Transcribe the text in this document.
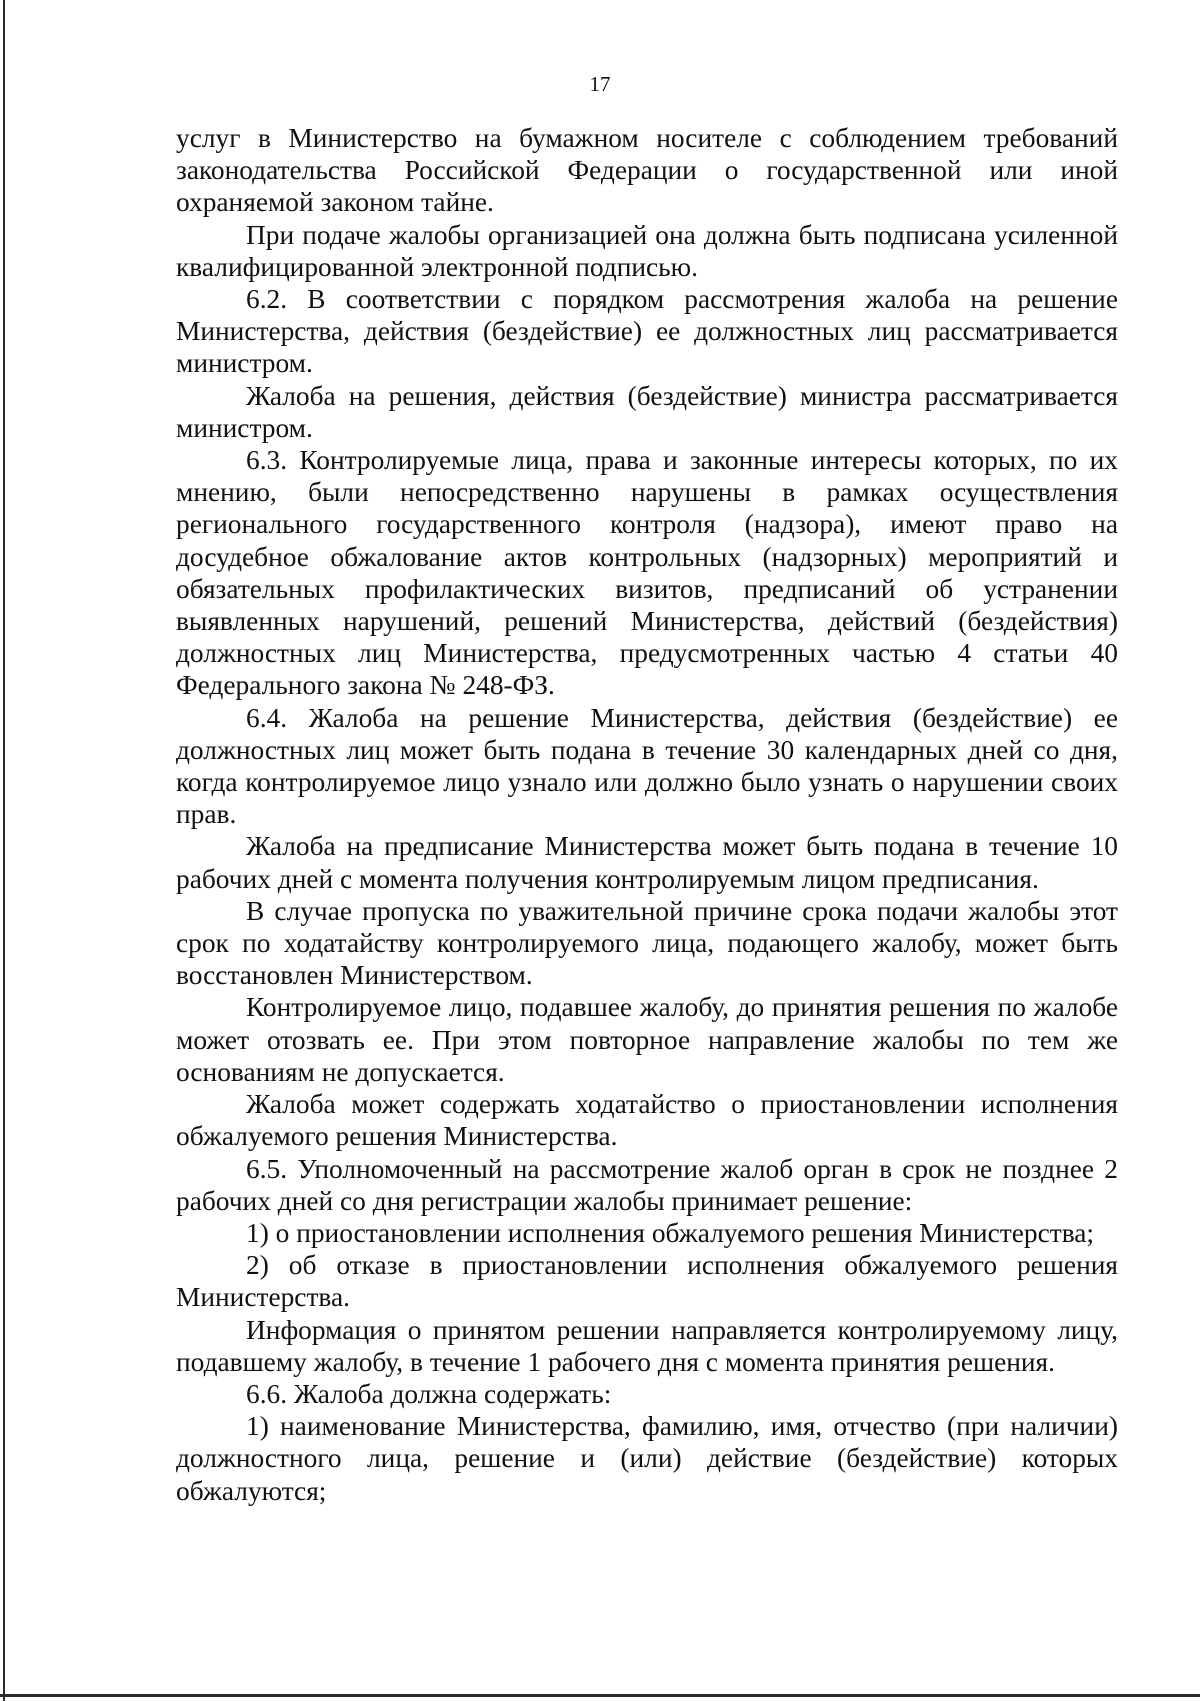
17

услуг в Министерство на бумажном носителе с соблюдением требований законодательства Российской Федерации о государственной или иной охраняемой законом тайне.

При подаче жалобы организацией она должна быть подписана усиленной квалифицированной электронной подписью.

6.2. В соответствии с порядком рассмотрения жалоба на решение Министерства, действия (бездействие) ее должностных лиц рассматривается министром.

Жалоба на решения, действия (бездействие) министра рассматривается министром.

6.3. Контролируемые лица, права и законные интересы которых, по их мнению, были непосредственно нарушены в рамках осуществления регионального государственного контроля (надзора), имеют право на досудебное обжалование актов контрольных (надзорных) мероприятий и обязательных профилактических визитов, предписаний об устранении выявленных нарушений, решений Министерства, действий (бездействия) должностных лиц Министерства, предусмотренных частью 4 статьи 40 Федерального закона № 248-ФЗ.

6.4. Жалоба на решение Министерства, действия (бездействие) ее должностных лиц может быть подана в течение 30 календарных дней со дня, когда контролируемое лицо узнало или должно было узнать о нарушении своих прав.

Жалоба на предписание Министерства может быть подана в течение 10 рабочих дней с момента получения контролируемым лицом предписания.

В случае пропуска по уважительной причине срока подачи жалобы этот срок по ходатайству контролируемого лица, подающего жалобу, может быть восстановлен Министерством.

Контролируемое лицо, подавшее жалобу, до принятия решения по жалобе может отозвать ее. При этом повторное направление жалобы по тем же основаниям не допускается.

Жалоба может содержать ходатайство о приостановлении исполнения обжалуемого решения Министерства.

6.5. Уполномоченный на рассмотрение жалоб орган в срок не позднее 2 рабочих дней со дня регистрации жалобы принимает решение:

1) о приостановлении исполнения обжалуемого решения Министерства;

2) об отказе в приостановлении исполнения обжалуемого решения Министерства.

Информация о принятом решении направляется контролируемому лицу, подавшему жалобу, в течение 1 рабочего дня с момента принятия решения.

6.6. Жалоба должна содержать:

1) наименование Министерства, фамилию, имя, отчество (при наличии) должностного лица, решение и (или) действие (бездействие) которых обжалуются;
